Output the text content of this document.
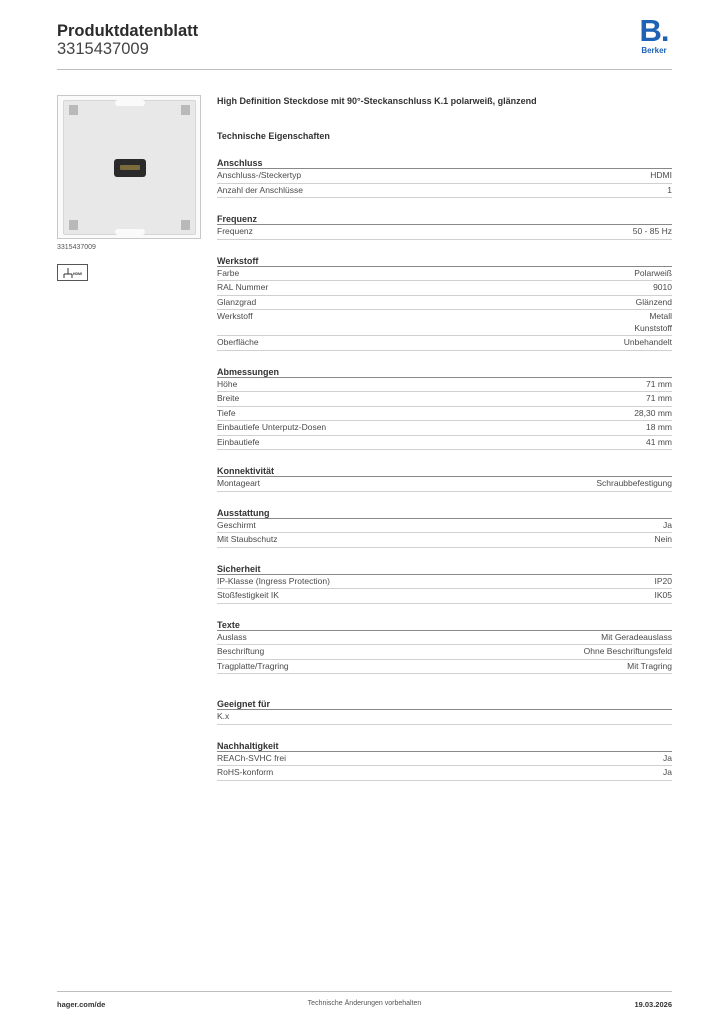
Produktdatenblatt
3315437009
B.
Berker
3315437009
HDMI
High Definition Steckdose mit 90°-Steckanschluss K.1 polarweiß, glänzend
Technische Eigenschaften
Anschluss
Anschluss-/Steckertyp	HDMI
Anzahl der Anschlüsse	1
Frequenz
Frequenz	50 - 85 Hz
Werkstoff
Farbe	Polarweiß
RAL Nummer	9010
Glanzgrad	Glänzend
Werkstoff	Metall
Kunststoff
Oberfläche	Unbehandelt
Abmessungen
Höhe	71 mm
Breite	71 mm
Tiefe	28,30 mm
Einbautiefe Unterputz-Dosen	18 mm
Einbautiefe	41 mm
Konnektivität
Montageart	Schraubbefestigung
Ausstattung
Geschirmt	Ja
Mit Staubschutz	Nein
Sicherheit
IP-Klasse (Ingress Protection)	IP20
Stoßfestigkeit IK	IK05
Texte
Auslass	Mit Geradeauslass
Beschriftung	Ohne Beschriftungsfeld
Tragplatte/Tragring	Mit Tragring
Geeignet für
K.x
Nachhaltigkeit
REACh-SVHC frei	Ja
RoHS-konform	Ja
hager.com/de	Technische Änderungen vorbehalten	19.03.2026
